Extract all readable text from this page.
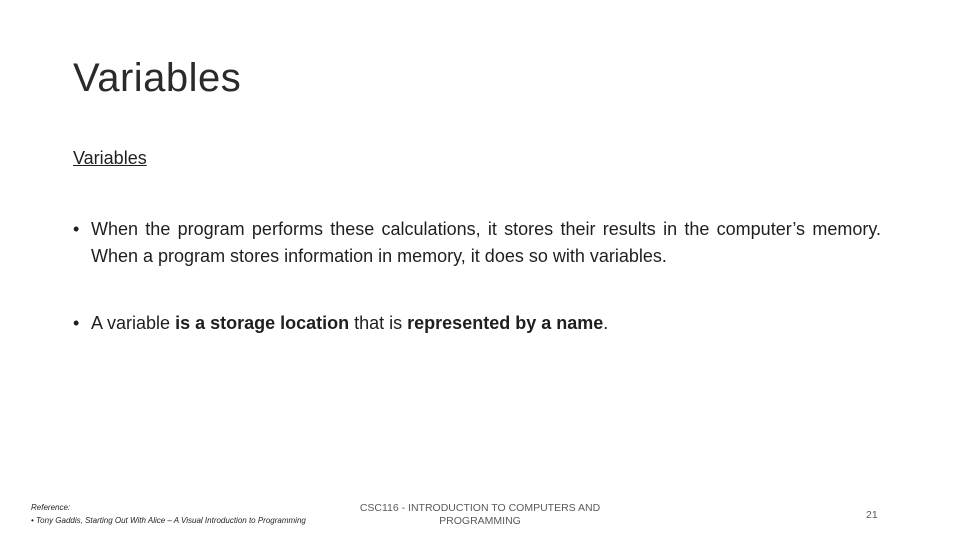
Variables
Variables
• When the program performs these calculations, it stores their results in the computer’s memory. When a program stores information in memory, it does so with variables.
• A variable is a storage location that is represented by a name.
Reference:
• Tony Gaddis, Starting Out With Alice – A Visual Introduction to Programming
CSC116 - INTRODUCTION TO COMPUTERS AND
PROGRAMMING	21
